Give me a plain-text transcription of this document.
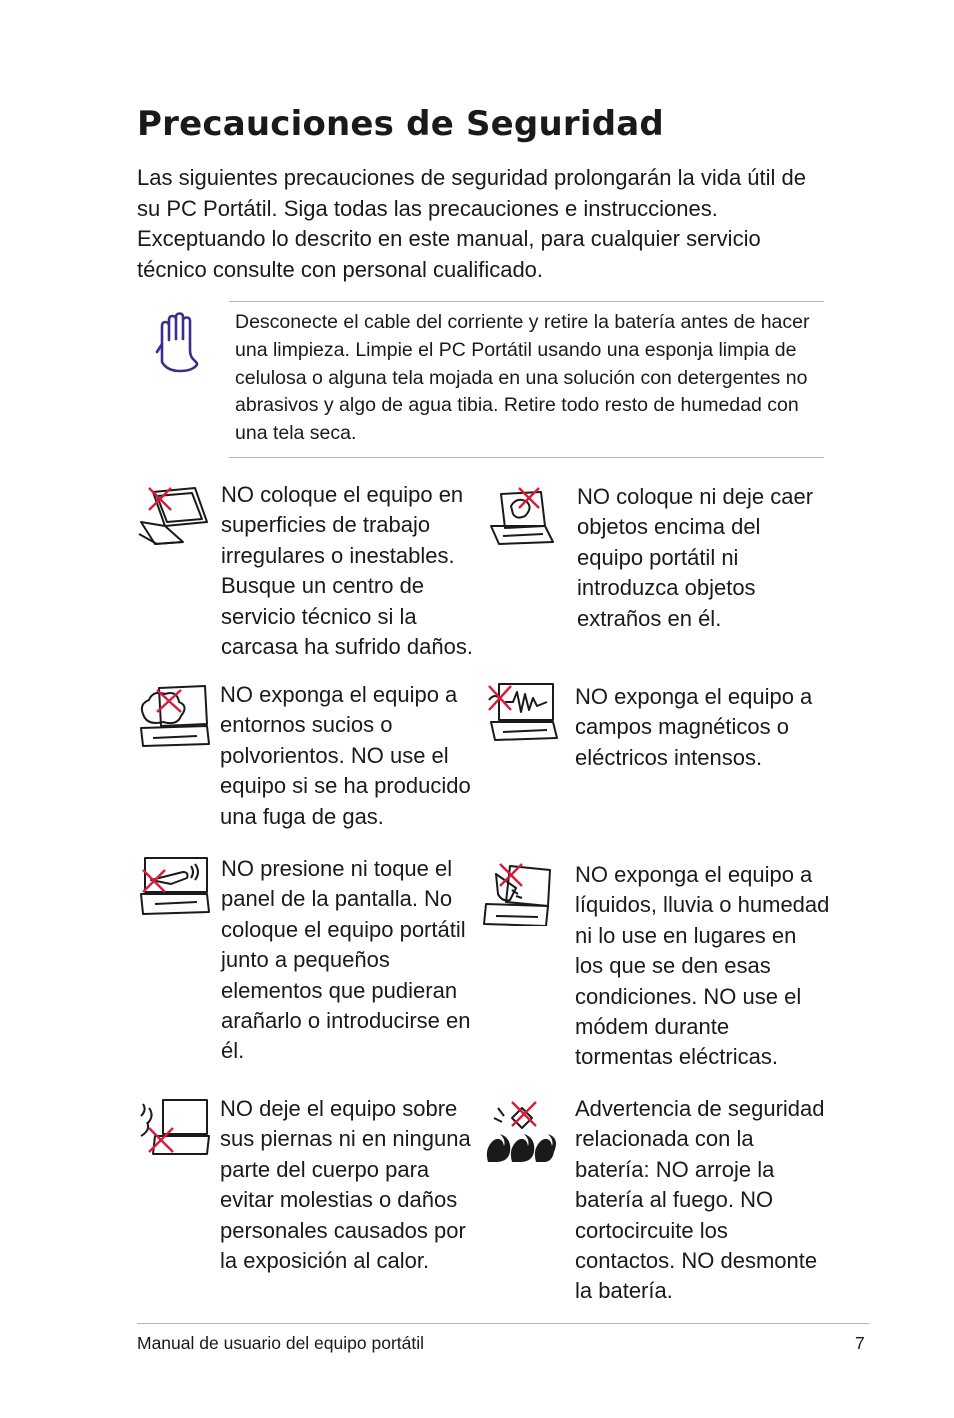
Precauciones de Seguridad

Las siguientes precauciones de seguridad prolongarán la vida útil de su PC Portátil. Siga todas las precauciones e instrucciones. Exceptuando lo descrito en este manual, para cualquier servicio técnico consulte con personal cualificado.

Desconecte el cable del corriente y retire la batería antes de hacer una limpieza. Limpie el PC Portátil usando una esponja limpia de celulosa o alguna tela mojada en una solución con detergentes no abrasivos y algo de agua tibia. Retire todo resto de humedad con una tela seca.

NO coloque el equipo en superficies de trabajo irregulares o inestables. Busque un centro de servicio técnico si la carcasa ha sufrido daños.

NO coloque ni deje caer objetos encima del equipo portátil ni introduzca objetos extraños en él.

NO exponga el equipo a entornos sucios o polvorientos. NO use el equipo si se ha producido una fuga de gas.

NO exponga el equipo a campos magnéticos o eléctricos intensos.

NO presione ni toque el panel de la pantalla. No coloque el equipo portátil junto a pequeños elementos que pudieran arañarlo o introducirse en él.

NO exponga el equipo a líquidos, lluvia o humedad ni lo use en lugares en los que se den esas condiciones. NO use el módem durante tormentas eléctricas.

NO deje el equipo sobre sus piernas ni en ninguna parte del cuerpo para evitar molestias o daños personales causados por la exposición al calor.

Advertencia de seguridad relacionada con la batería: NO arroje la batería al fuego. NO cortocircuite los contactos. NO desmonte la batería.

Manual de usuario del equipo portátil	7
